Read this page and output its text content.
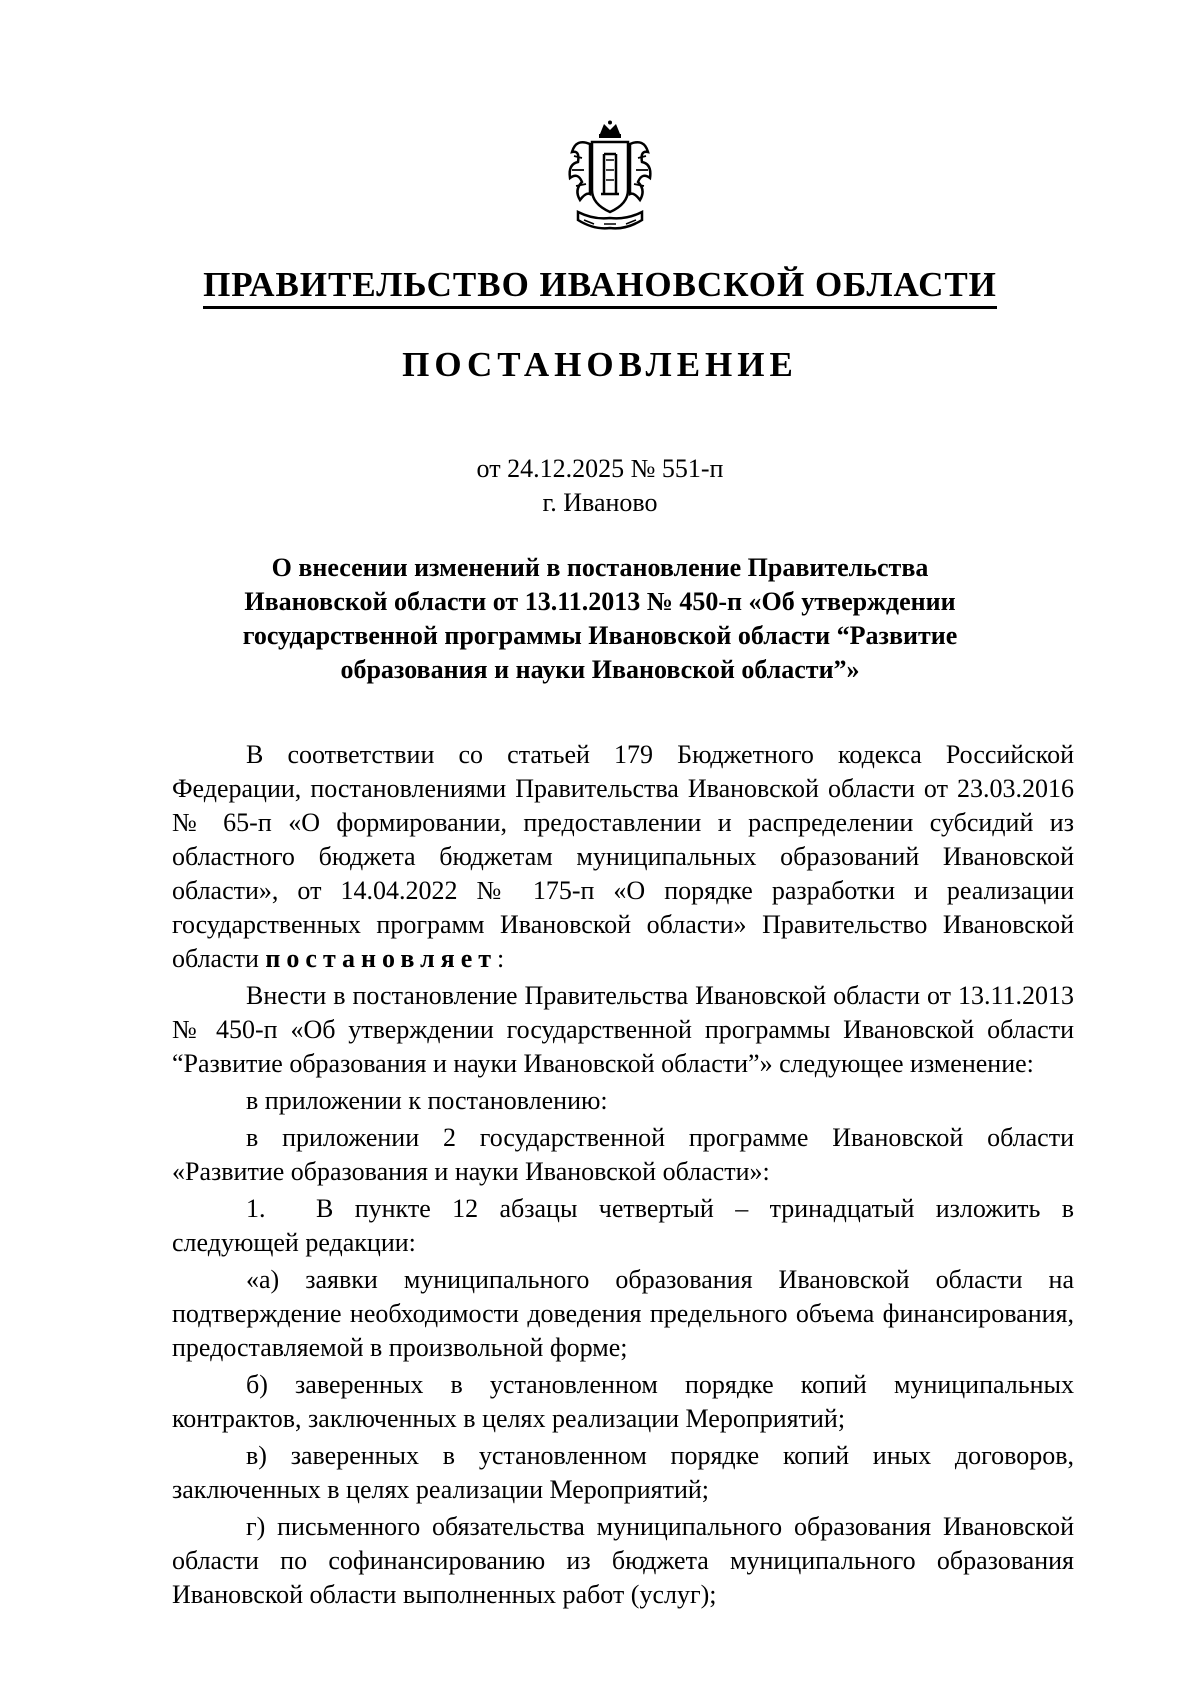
ПРАВИТЕЛЬСТВО ИВАНОВСКОЙ ОБЛАСТИ
ПОСТАНОВЛЕНИЕ
от 24.12.2025 № 551-п
г. Иваново
О внесении изменений в постановление Правительства
Ивановской области от 13.11.2013 № 450-п «Об утверждении
государственной программы Ивановской области “Развитие
образования и науки Ивановской области”»

В соответствии со статьей 179 Бюджетного кодекса Российской Федерации, постановлениями Правительства Ивановской области от 23.03.2016 № 65-п «О формировании, предоставлении и распределении субсидий из областного бюджета бюджетам муниципальных образований Ивановской области», от 14.04.2022 № 175-п «О порядке разработки и реализации государственных программ Ивановской области» Правительство Ивановской области постановляет:

Внести в постановление Правительства Ивановской области от 13.11.2013 № 450-п «Об утверждении государственной программы Ивановской области “Развитие образования и науки Ивановской области”» следующее изменение:

в приложении к постановлению:

в приложении 2 государственной программе Ивановской области «Развитие образования и науки Ивановской области»:

1. В пункте 12 абзацы четвертый – тринадцатый изложить в следующей редакции:

«а) заявки муниципального образования Ивановской области на подтверждение необходимости доведения предельного объема финансирования, предоставляемой в произвольной форме;

б) заверенных в установленном порядке копий муниципальных контрактов, заключенных в целях реализации Мероприятий;

в) заверенных в установленном порядке копий иных договоров, заключенных в целях реализации Мероприятий;

г) письменного обязательства муниципального образования Ивановской области по софинансированию из бюджета муниципального образования Ивановской области выполненных работ (услуг);
